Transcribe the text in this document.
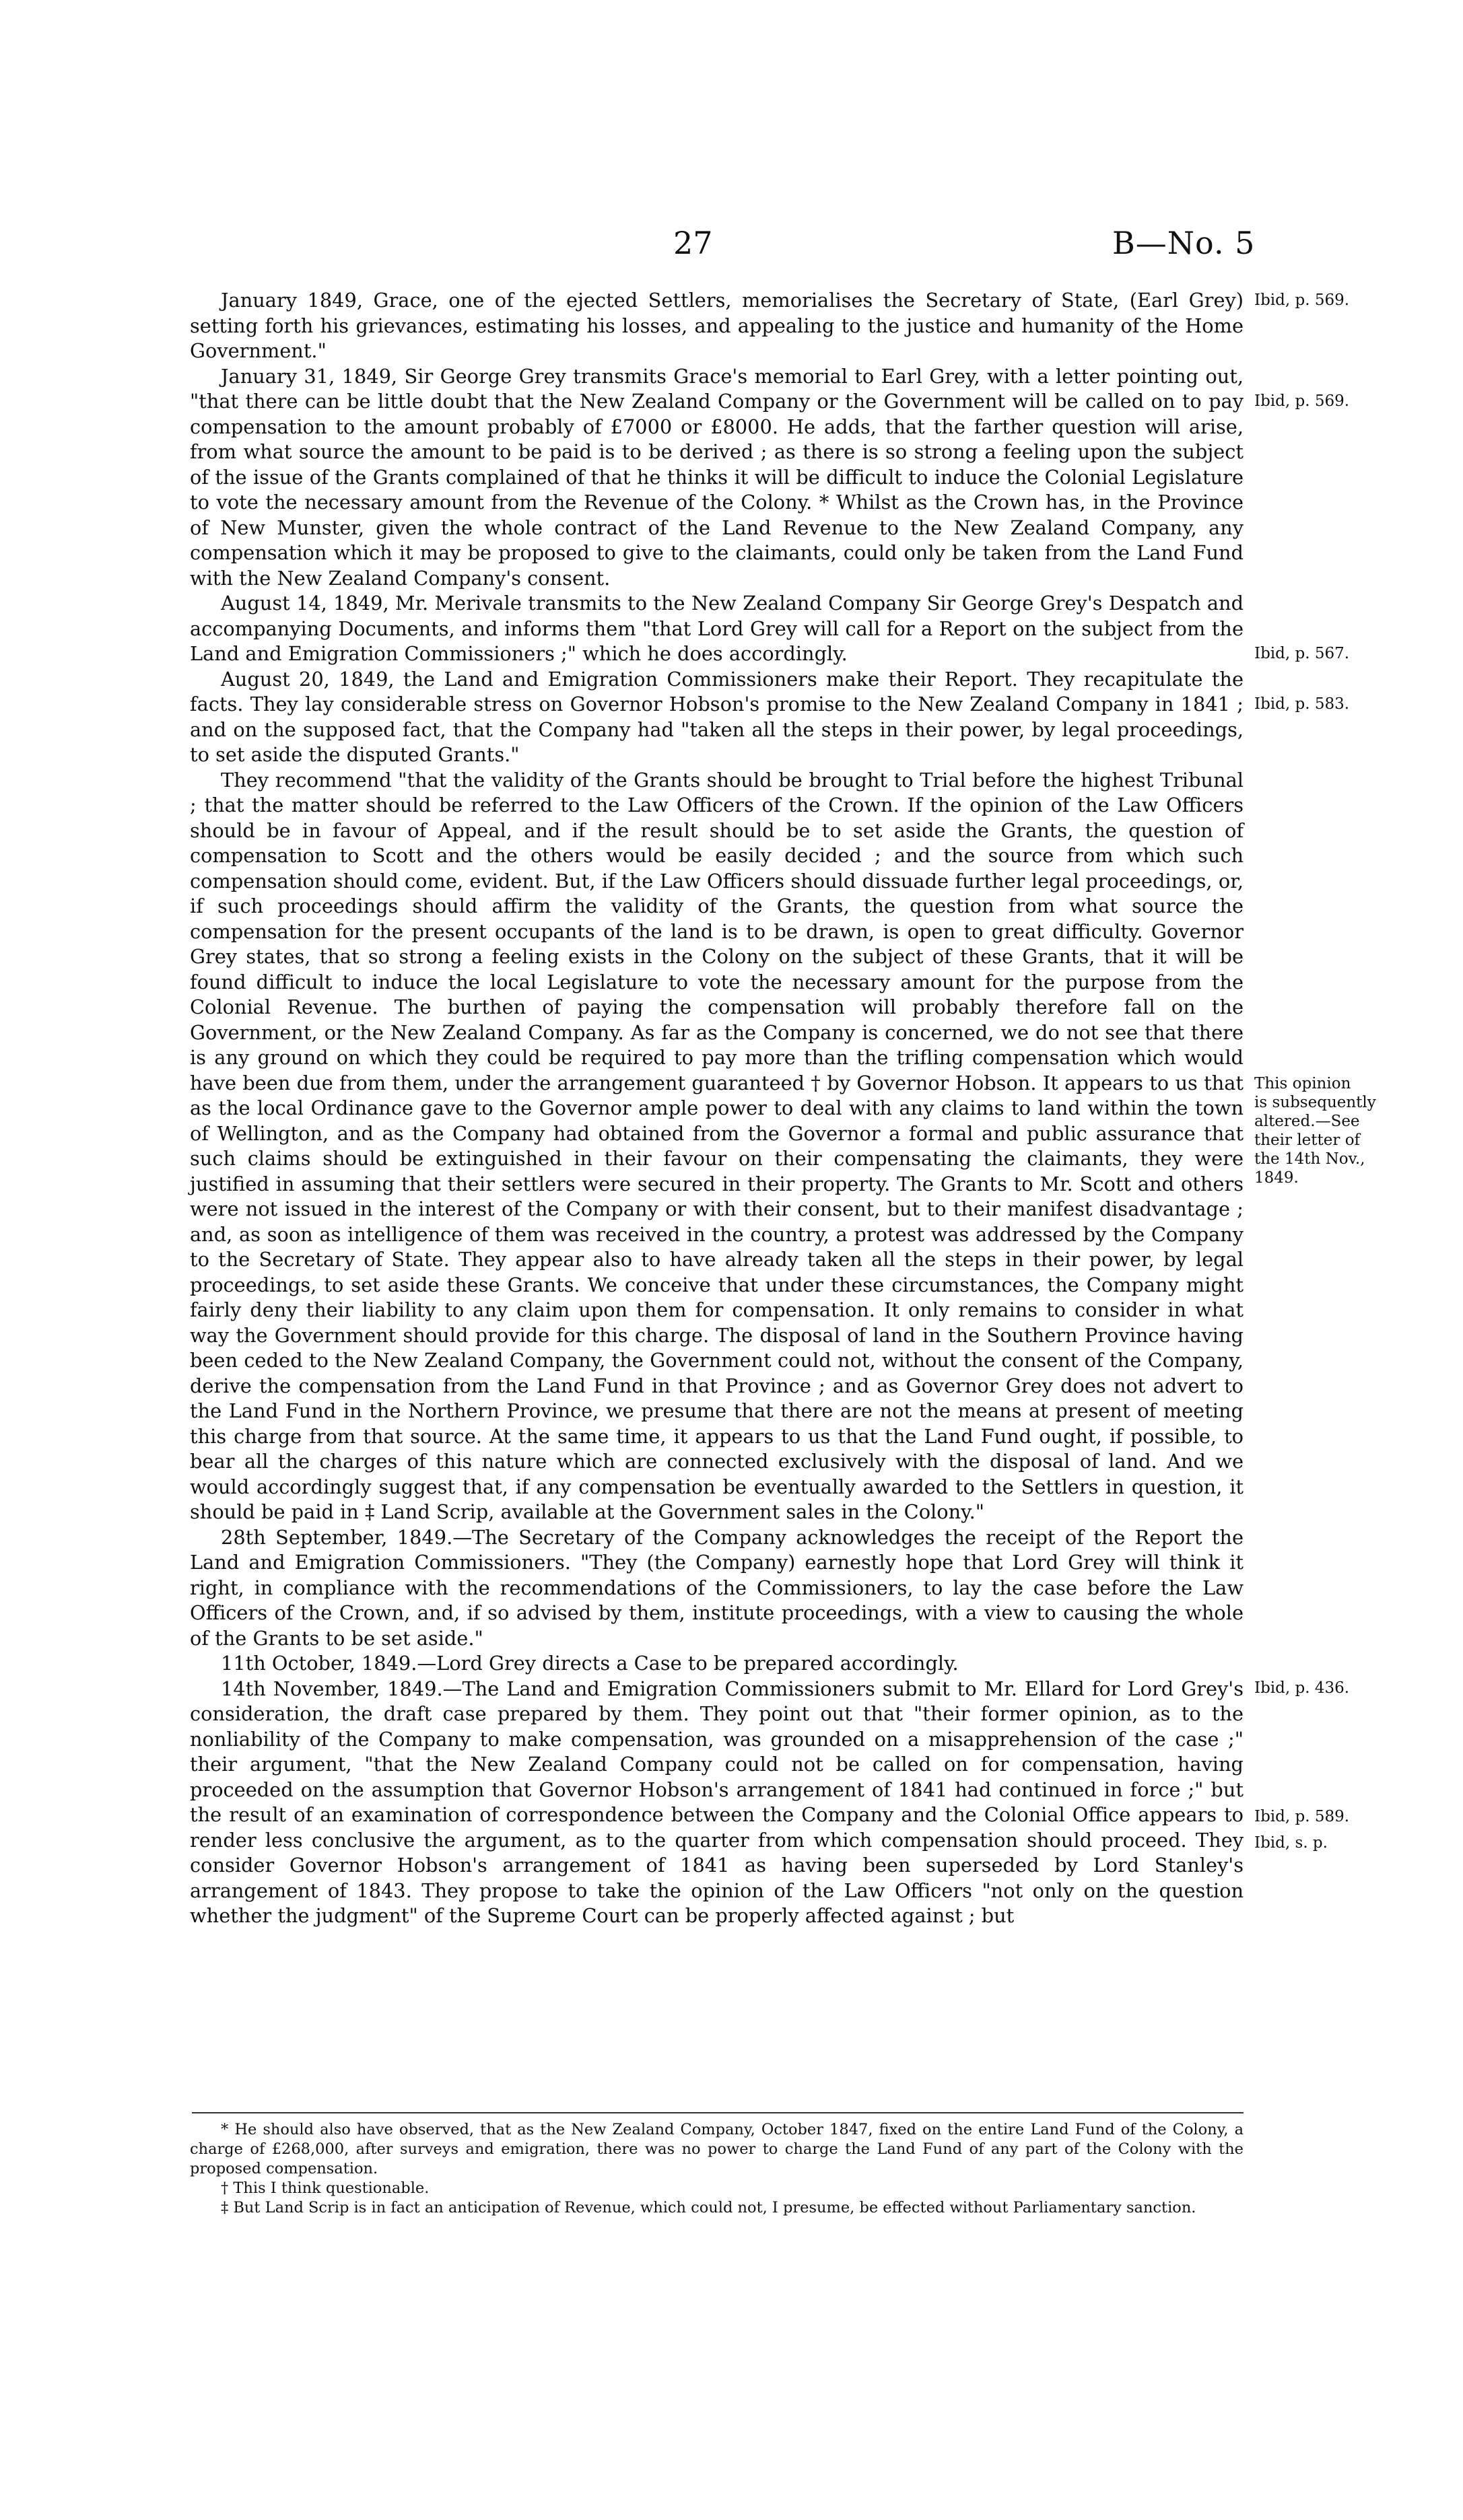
27	B—No. 5

January 1849, Grace, one of the ejected Settlers, memorialises the Secretary of State, (Earl Grey) setting forth his grievances, estimating his losses, and appealing to the justice and humanity of the Home Government."

January 31, 1849, Sir George Grey transmits Grace's memorial to Earl Grey, with a letter pointing out, "that there can be little doubt that the New Zealand Company or the Government will be called on to pay compensation to the amount probably of £7000 or £8000. He adds, that the farther question will arise, from what source the amount to be paid is to be derived ; as there is so strong a feeling upon the subject of the issue of the Grants complained of that he thinks it will be difficult to induce the Colonial Legislature to vote the necessary amount from the Revenue of the Colony. * Whilst as the Crown has, in the Province of New Munster, given the whole contract of the Land Revenue to the New Zealand Company, any compensation which it may be proposed to give to the claimants, could only be taken from the Land Fund with the New Zealand Company's consent.

August 14, 1849, Mr. Merivale transmits to the New Zealand Company Sir George Grey's Despatch and accompanying Documents, and informs them "that Lord Grey will call for a Report on the subject from the Land and Emigration Commissioners ;" which he does accordingly.

August 20, 1849, the Land and Emigration Commissioners make their Report. They recapitulate the facts. They lay considerable stress on Governor Hobson's promise to the New Zealand Company in 1841 ; and on the supposed fact, that the Company had "taken all the steps in their power, by legal proceedings, to set aside the disputed Grants."

They recommend "that the validity of the Grants should be brought to Trial before the highest Tribunal ; that the matter should be referred to the Law Officers of the Crown. If the opinion of the Law Officers should be in favour of Appeal, and if the result should be to set aside the Grants, the question of compensation to Scott and the others would be easily decided ; and the source from which such compensation should come, evident. But, if the Law Officers should dissuade further legal proceedings, or, if such proceedings should affirm the validity of the Grants, the question from what source the compensation for the present occupants of the land is to be drawn, is open to great difficulty. Governor Grey states, that so strong a feeling exists in the Colony on the subject of these Grants, that it will be found difficult to induce the local Legislature to vote the necessary amount for the purpose from the Colonial Revenue. The burthen of paying the compensation will probably therefore fall on the Government, or the New Zealand Company. As far as the Company is concerned, we do not see that there is any ground on which they could be required to pay more than the trifling compensation which would have been due from them, under the arrangement guaranteed † by Governor Hobson. It appears to us that as the local Ordinance gave to the Governor ample power to deal with any claims to land within the town of Wellington, and as the Company had obtained from the Governor a formal and public assurance that such claims should be extinguished in their favour on their compensating the claimants, they were justified in assuming that their settlers were secured in their property. The Grants to Mr. Scott and others were not issued in the interest of the Company or with their consent, but to their manifest disadvantage ; and, as soon as intelligence of them was received in the country, a protest was addressed by the Company to the Secretary of State. They appear also to have already taken all the steps in their power, by legal proceedings, to set aside these Grants. We conceive that under these circumstances, the Company might fairly deny their liability to any claim upon them for compensation. It only remains to consider in what way the Government should provide for this charge. The disposal of land in the Southern Province having been ceded to the New Zealand Company, the Government could not, without the consent of the Company, derive the compensation from the Land Fund in that Province ; and as Governor Grey does not advert to the Land Fund in the Northern Province, we presume that there are not the means at present of meeting this charge from that source. At the same time, it appears to us that the Land Fund ought, if possible, to bear all the charges of this nature which are connected exclusively with the disposal of land. And we would accordingly suggest that, if any compensation be eventually awarded to the Settlers in question, it should be paid in ‡ Land Scrip, available at the Government sales in the Colony."

28th September, 1849.—The Secretary of the Company acknowledges the receipt of the Report the Land and Emigration Commissioners. "They (the Company) earnestly hope that Lord Grey will think it right, in compliance with the recommendations of the Commissioners, to lay the case before the Law Officers of the Crown, and, if so advised by them, institute proceedings, with a view to causing the whole of the Grants to be set aside."

11th October, 1849.—Lord Grey directs a Case to be prepared accordingly.

14th November, 1849.—The Land and Emigration Commissioners submit to Mr. Ellard for Lord Grey's consideration, the draft case prepared by them. They point out that "their former opinion, as to the nonliability of the Company to make compensation, was grounded on a misapprehension of the case ;" their argument, "that the New Zealand Company could not be called on for compensation, having proceeded on the assumption that Governor Hobson's arrangement of 1841 had continued in force ;" but the result of an examination of correspondence between the Company and the Colonial Office appears to render less conclusive the argument, as to the quarter from which compensation should proceed. They consider Governor Hobson's arrangement of 1841 as having been superseded by Lord Stanley's arrangement of 1843. They propose to take the opinion of the Law Officers "not only on the question whether the judgment" of the Supreme Court can be properly affected against ; but

Ibid, p. 569.
Ibid, p. 569.
Ibid, p. 567.
Ibid, p. 583.
This opinion
is subsequently
altered.—See
their letter of
the 14th Nov.,
1849.
Ibid, p. 436.
Ibid, p. 589.
Ibid, s. p.

* He should also have observed, that as the New Zealand Company, October 1847, fixed on the entire Land Fund of the Colony, a charge of £268,000, after surveys and emigration, there was no power to charge the Land Fund of any part of the Colony with the proposed compensation.

† This I think questionable.

‡ But Land Scrip is in fact an anticipation of Revenue, which could not, I presume, be effected without Parliamentary sanction.
